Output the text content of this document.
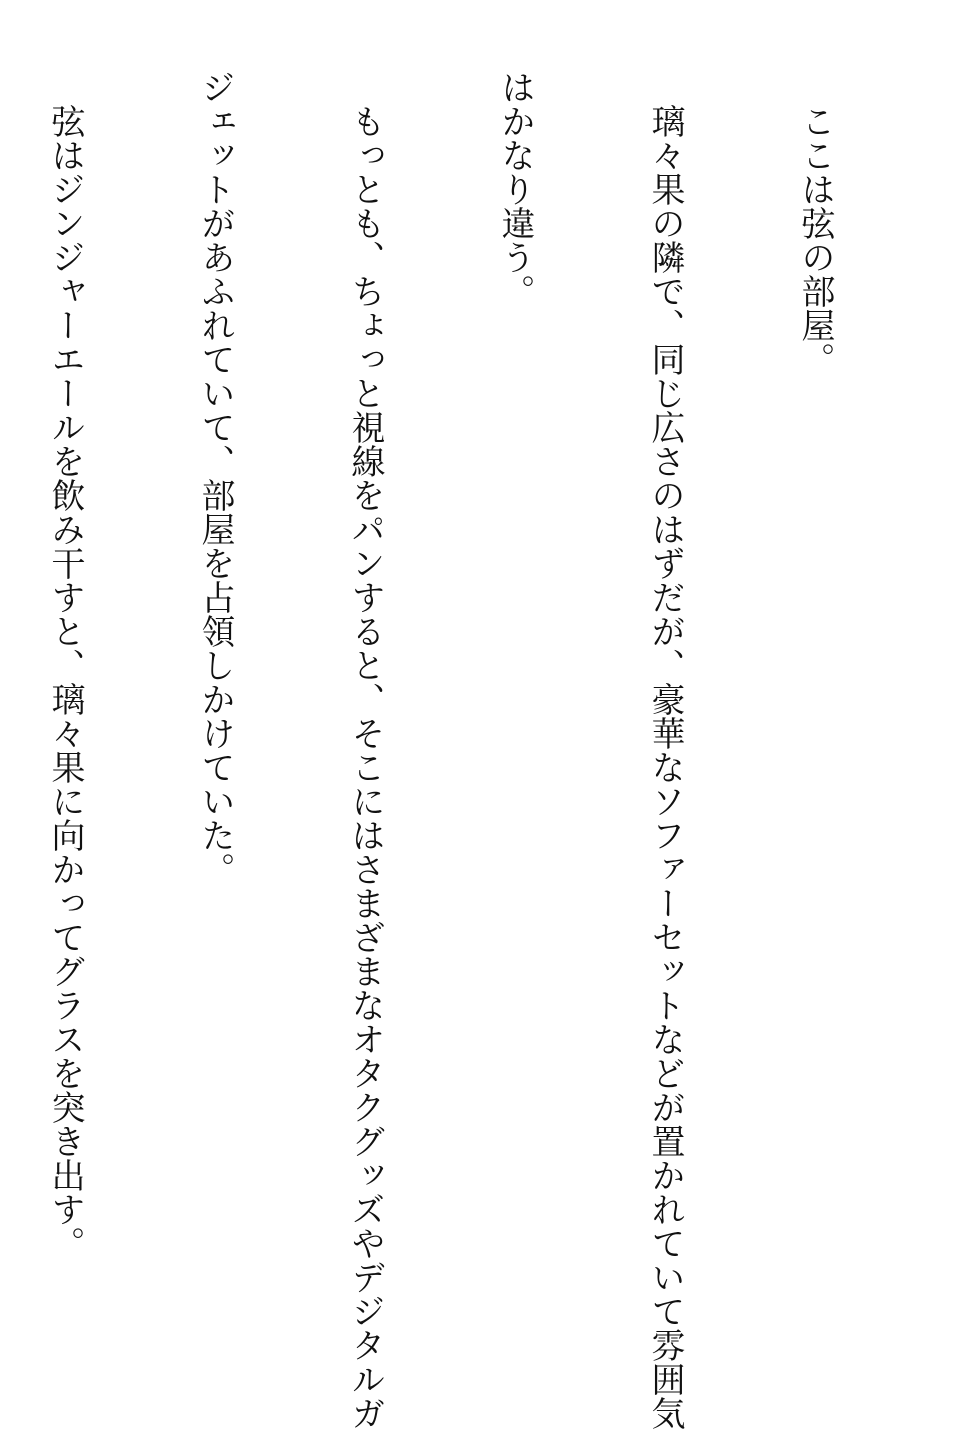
　ここは弦の部屋。

　璃々果の隣で、同じ広さのはずだが、豪華なソファーセットなどが置かれていて雰囲気

はかなり違う。

　もっとも、ちょっと視線をパンすると、そこにはさまざまなオタクグッズやデジタルガ

ジェットがあふれていて、部屋を占領しかけていた。

　弦はジンジャーエールを飲み干すと、璃々果に向かってグラスを突き出す。
